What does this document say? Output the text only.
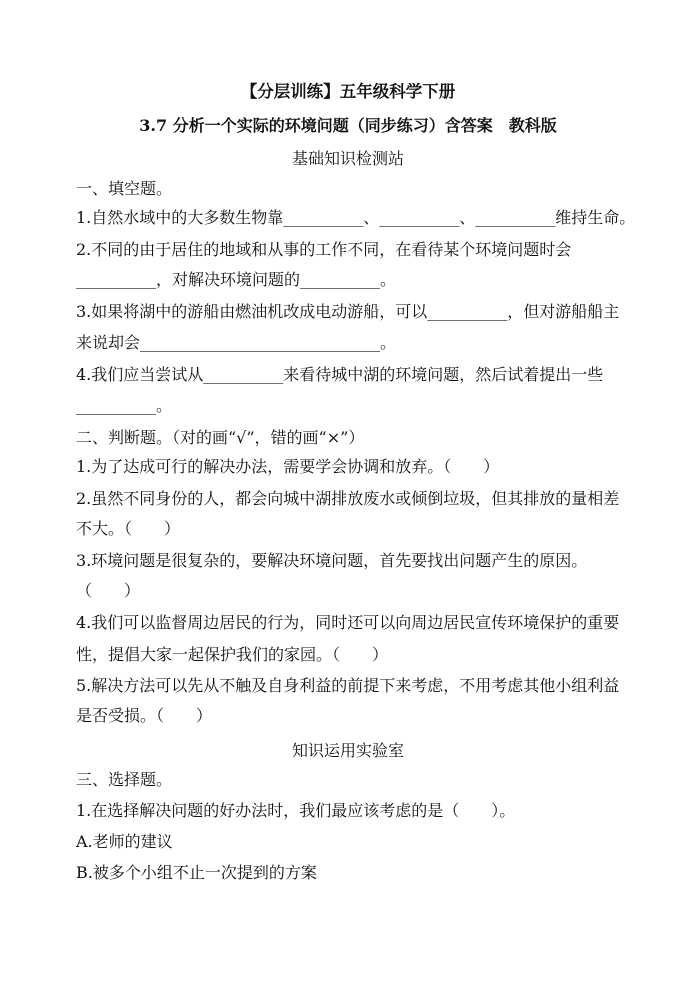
【分层训练】五年级科学下册
3.7 分析一个实际的环境问题（同步练习）含答案　教科版
基础知识检测站
一、填空题。
1.自然水域中的大多数生物靠__________、__________、__________维持生命。
2.不同的由于居住的地域和从事的工作不同，在看待某个环境问题时会
__________，对解决环境问题的__________。
3.如果将湖中的游船由燃油机改成电动游船，可以__________，但对游船船主
来说却会______________________________。
4.我们应当尝试从__________来看待城中湖的环境问题，然后试着提出一些
__________。
二、判断题。（对的画“√”，错的画“×”）
1.为了达成可行的解决办法，需要学会协调和放弃。（　　）
2.虽然不同身份的人，都会向城中湖排放废水或倾倒垃圾，但其排放的量相差
不大。（　　）
3.环境问题是很复杂的，要解决环境问题，首先要找出问题产生的原因。
（　　）
4.我们可以监督周边居民的行为，同时还可以向周边居民宣传环境保护的重要
性，提倡大家一起保护我们的家园。（　　）
5.解决方法可以先从不触及自身利益的前提下来考虑，不用考虑其他小组利益
是否受损。（　　）
知识运用实验室
三、选择题。
1.在选择解决问题的好办法时，我们最应该考虑的是（　　）。
A.老师的建议
B.被多个小组不止一次提到的方案
